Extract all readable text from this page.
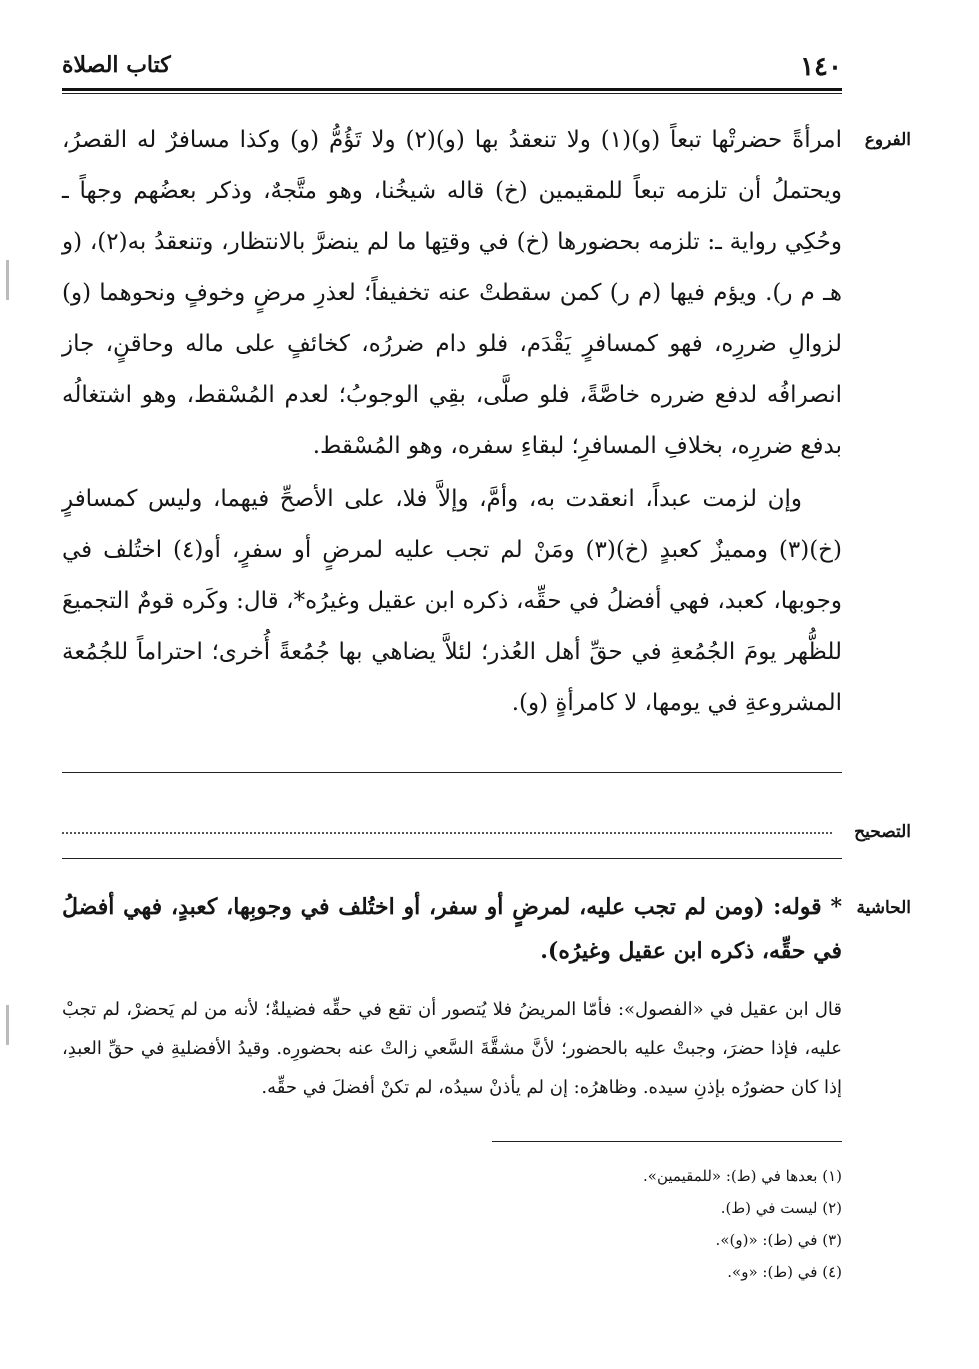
١٤٠
كتاب الصلاة
الفروع

امرأةً حضرتْها تبعاً (و)(١) ولا تنعقدُ بها (و)(٢) ولا تَؤُمُّ (و) وكذا مسافرٌ له القصرُ، ويحتملُ أن تلزمه تبعاً للمقيمين (خ) قاله شيخُنا، وهو متَّجهٌ، وذكر بعضُهم وجهاً ـ وحُكِي رواية ـ: تلزمه بحضورها (خ) في وقتِها ما لم ينضرَّ بالانتظار، وتنعقدُ به(٢)، (و هـ م ر). ويؤم فيها (م ر) كمن سقطتْ عنه تخفيفاً؛ لعذرِ مرضٍ وخوفٍ ونحوهما (و) لزوالِ ضررِه، فهو كمسافرٍ يَقْدَم، فلو دام ضررُه، كخائفٍ على ماله وحاقنٍ، جاز انصرافُه لدفع ضرره خاصَّةً، فلو صلَّى، بقِي الوجوبُ؛ لعدم المُسْقط، وهو اشتغالُه بدفع ضررِه، بخلافِ المسافرِ؛ لبقاءِ سفره، وهو المُسْقط.

وإن لزمت عبداً، انعقدت به، وأمَّ، وإلاَّ فلا، على الأصحِّ فيهما، وليس كمسافرٍ (خ)(٣) ومميزٌ كعبدٍ (خ)(٣) ومَنْ لم تجب عليه لمرضٍ أو سفرٍ، أو(٤) اختُلف في وجوبها، كعبد، فهي أفضلُ في حقِّه، ذكره ابن عقيل وغيرُه*، قال: وكَره قومٌ التجميعَ للظُّهر يومَ الجُمُعةِ في حقِّ أهل العُذر؛ لئلاَّ يضاهي بها جُمُعةً أُخرى؛ احتراماً للجُمُعة المشروعةِ في يومها، لا كامرأةٍ (و).

التصحيح
الحاشية
* قوله: (ومن لم تجب عليه، لمرضٍ أو سفر، أو اختُلف في وجوبِها، كعبدٍ، فهي أفضلُ في حقِّه، ذكره ابن عقيل وغيرُه).
قال ابن عقيل في «الفصول»: فأمّا المريضُ فلا يُتصور أن تقع في حقِّه فضيلةٌ؛ لأنه من لم يَحضرْ، لم تجبْ عليه، فإذا حضرَ، وجبتْ عليه بالحضور؛ لأنَّ مشقَّةَ السَّعي زالتْ عنه بحضورِه. وقيدُ الأفضليةِ في حقِّ العبدِ، إذا كان حضورُه بإذنِ سيده. وظاهرُه: إن لم يأذنْ سيدُه، لم تكنْ أفضلَ في حقِّه.
(١) بعدها في (ط): «للمقيمين».
(٢) ليست في (ط).
(٣) في (ط): «(و)».
(٤) في (ط): «و».
